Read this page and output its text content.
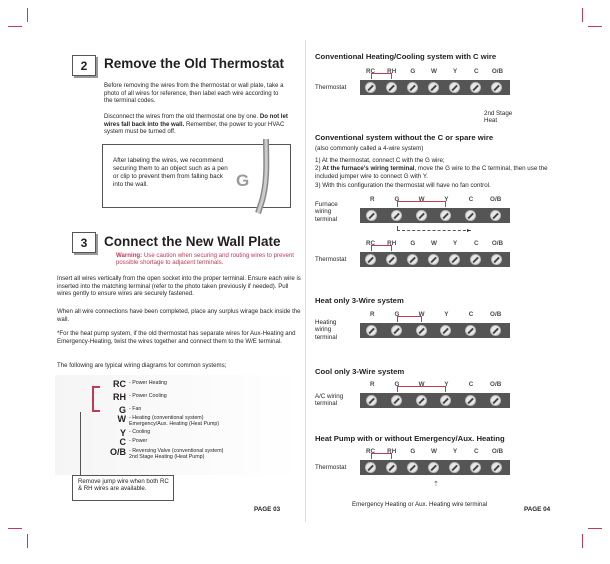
2	Remove the Old Thermostat
Before removing the wires from the thermostat or wall plate, take a photo of all wires for reference, then label each wire according to the terminal codes.
Disconnect the wires from the old thermostat one by one. Do not let wires fall back into the wall. Remember, the power to your HVAC system must be turned off.
After labeling the wires, we recommend securing them to an object such as a pen or clip to prevent them from falling back into the wall.	G
3	Connect the New Wall Plate
Warning: Use caution when securing and routing wires to prevent possible shortage to adjacent terminals.
Insert all wires vertically from the open socket into the proper terminal. Ensure each wire is inserted into the matching terminal (refer to the photo taken previously if needed). Pull wires gently to ensure wires are securely fastened.
When all wire connections have been completed, place any surplus wirage back inside the wall.
*For the heat pump system, if the old thermostat has separate wires for Aux-Heating and Emergency-Heating, twist the wires together and connect them to the W/E terminal.
The following are typical wiring diagrams for common systems;
RC - Power Heating
RH - Power Cooling
G - Fan
W - Heating (conventional system)
Emergency/Aux. Heating (Heat Pump)
Y - Cooling
C - Power
O/B - Reversing Valve (conventional system)
2nd Stage Heating (Heat Pump)
Remove jump wire when both RC & RH wires are available.
PAGE 03
Conventional Heating/Cooling system with C wire
Thermostat
RC	RH	G	W	Y	C	O/B
2nd Stage
Heat
Conventional system without the C or spare wire
(also commonly called a 4-wire system)
1) At the thermostat, connect C with the G wire;
2) At the furnace's wiring terminal, move the G wire to the C terminal, then use the included jumper wire to connect G with Y.
3) With this configuration the thermostat will have no fan control.
Furnace
wiring
terminal
R	G	W	Y	C	O/B
▸
Thermostat
RC	RH	G	W	Y	C	O/B
Heat only 3-Wire system
Heating
wiring
terminal
R	G	W	Y	C	O/B
Cool only 3-Wire system
A/C wiring
terminal
R	G	W	Y	C	O/B
Heat Pump with or without Emergency/Aux. Heating
Thermostat
RC	RH	G	W	Y	C	O/B
⇡
Emergency Heating or Aux. Heating wire terminal
PAGE 04
